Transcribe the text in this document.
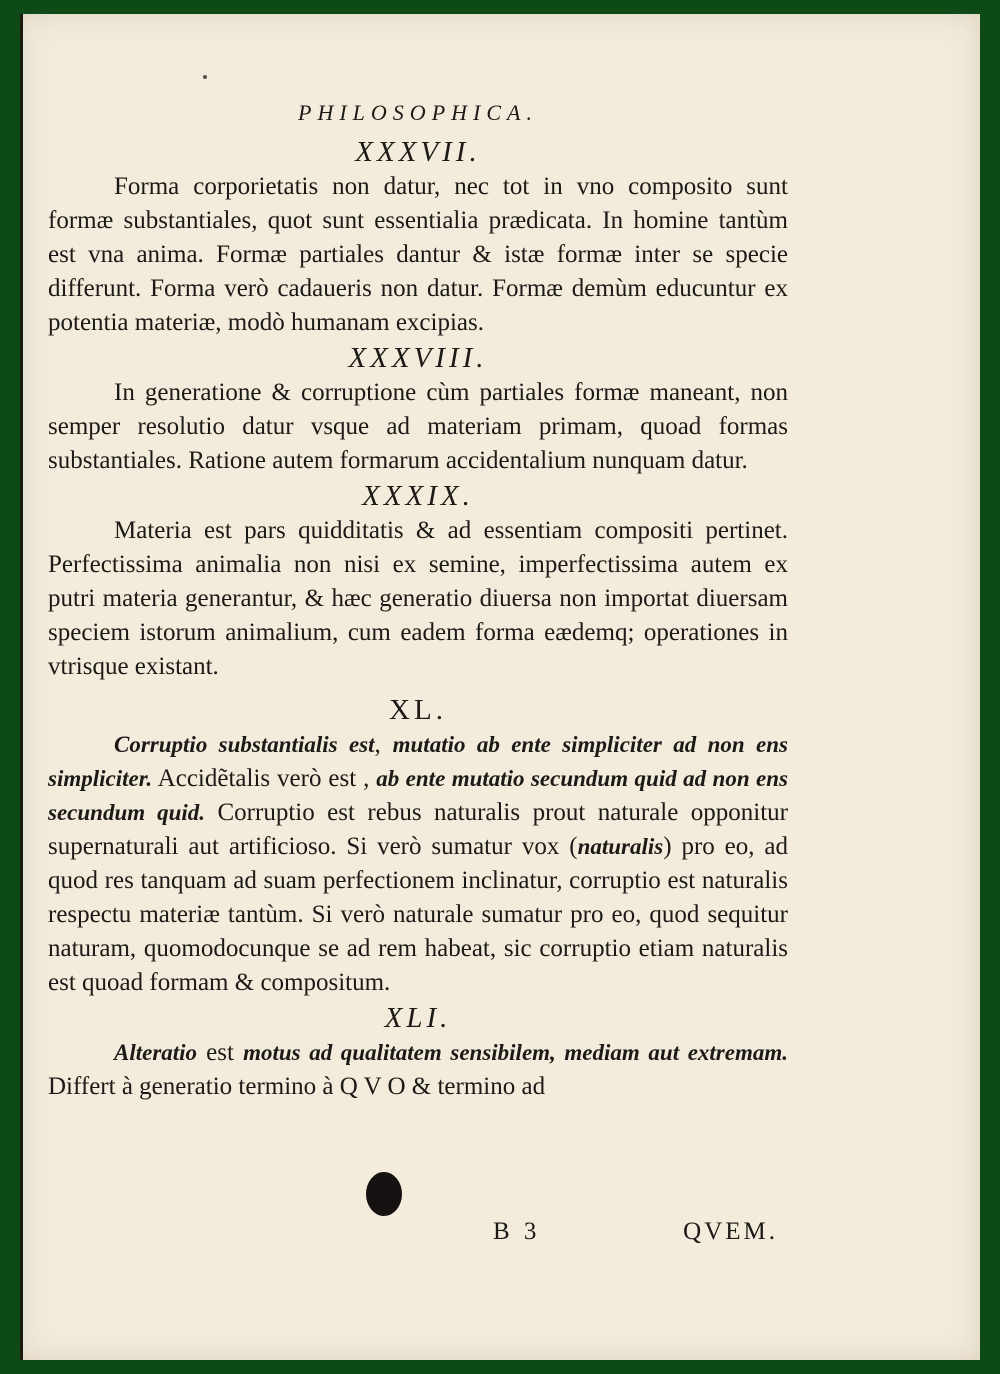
PHILOSOPHICA.
XXXVII.

Forma corporietatis non datur, nec tot in vno composito sunt formæ substantiales, quot sunt essentialia prædicata. In homine tantùm est vna anima. Formæ partiales dantur & istæ formæ inter se specie differunt. Forma verò cadaueris non datur. Formæ demùm educuntur ex potentia materiæ, modò humanam excipias.

XXXVIII.

In generatione & corruptione cùm partiales formæ maneant, non semper resolutio datur vsque ad materiam primam, quoad formas substantiales. Ratione autem formarum accidentalium nunquam datur.

XXXIX.

Materia est pars quidditatis & ad essentiam compositi pertinet. Perfectissima animalia non nisi ex semine, imperfectissima autem ex putri materia generantur, & hæc generatio diuersa non importat diuersam speciem istorum animalium, cum eadem forma eædemq; operationes in vtrisque existant.

XL.

Corruptio substantialis est, mutatio ab ente simpliciter ad non ens simpliciter. Accidẽtalis verò est , ab ente mutatio secundum quid ad non ens secundum quid. Corruptio est rebus naturalis prout naturale opponitur supernaturali aut artificioso. Si verò sumatur vox (naturalis) pro eo, ad quod res tanquam ad suam perfectionem inclinatur, corruptio est naturalis respectu materiæ tantùm. Si verò naturale sumatur pro eo, quod sequitur naturam, quomodocunque se ad rem habeat, sic corruptio etiam naturalis est quoad formam & compositum.

XLI.

Alteratio est motus ad qualitatem sensibilem, mediam aut extremam. Differt à generatio termino à Q V O & termino ad

B 3	QVEM.
